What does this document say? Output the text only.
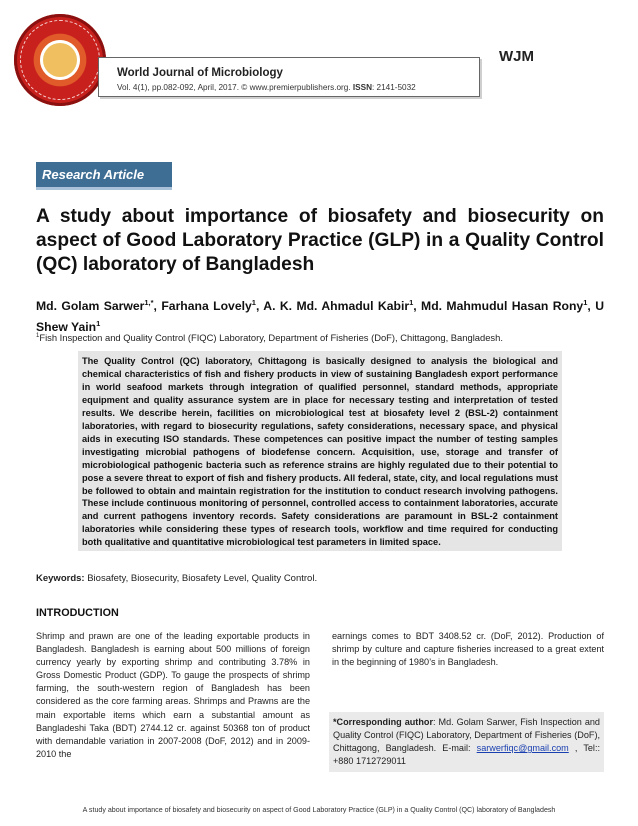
World Journal of Microbiology
Vol. 4(1), pp.082-092, April, 2017. © www.premierpublishers.org. ISSN: 2141-5032
WJM
Research Article
A study about importance of biosafety and biosecurity on aspect of Good Laboratory Practice (GLP) in a Quality Control (QC) laboratory of Bangladesh
Md. Golam Sarwer$^{1,*}$, Farhana Lovely$^1$, A. K. Md. Ahmadul Kabir$^1$, Md. Mahmudul Hasan Rony$^1$, U Shew Yain$^1$
$^1$Fish Inspection and Quality Control (FIQC) Laboratory, Department of Fisheries (DoF), Chittagong, Bangladesh.

The Quality Control (QC) laboratory, Chittagong is basically designed to analysis the biological and chemical characteristics of fish and fishery products in view of sustaining Bangladesh export performance in world seafood markets through integration of qualified personnel, standard methods, appropriate equipment and quality assurance system are in place for necessary testing and interpretation of tested results. We describe herein, facilities on microbiological test at biosafety level 2 (BSL-2) containment laboratories, with regard to biosecurity regulations, safety considerations, necessary space, and physical aids in executing ISO standards. These competences can positive impact the number of testing samples investigating microbial pathogens of biodefense concern. Acquisition, use, storage and transfer of microbiological pathogenic bacteria such as reference strains are highly regulated due to their potential to pose a severe threat to export of fish and fishery products. All federal, state, city, and local regulations must be followed to obtain and maintain registration for the institution to conduct research involving pathogens. These include continuous monitoring of personnel, controlled access to containment laboratories, accurate and current pathogens inventory records. Safety considerations are paramount in BSL-2 containment laboratories while considering these types of research tools, workflow and time required for conducting both qualitative and quantitative microbiological test parameters in limited space.

Keywords: Biosafety, Biosecurity, Biosafety Level, Quality Control.
INTRODUCTION

Shrimp and prawn are one of the leading exportable products in Bangladesh. Bangladesh is earning about 500 millions of foreign currency yearly by exporting shrimp and contributing 3.78% in Gross Domestic Product (GDP). To gauge the prospects of shrimp farming, the south-western region of Bangladesh has been considered as the core farming areas. Shrimps and Prawns are the main exportable items which earn a substantial amount as Bangladeshi Taka (BDT) 2744.12 cr. against 50368 ton of product with demandable variation in 2007-2008 (DoF, 2012) and in 2009-2010 the

earnings comes to BDT 3408.52 cr. (DoF, 2012). Production of shrimp by culture and capture fisheries increased to a great extent in the beginning of 1980’s in Bangladesh.

*Corresponding author: Md. Golam Sarwer, Fish Inspection and Quality Control (FIQC) Laboratory, Department of Fisheries (DoF), Chittagong, Bangladesh. E-mail: sarwerfiqc@gmail.com , Tel:: +880 1712729011
A study about importance of biosafety and biosecurity on aspect of Good Laboratory Practice (GLP) in a Quality Control (QC) laboratory of Bangladesh
